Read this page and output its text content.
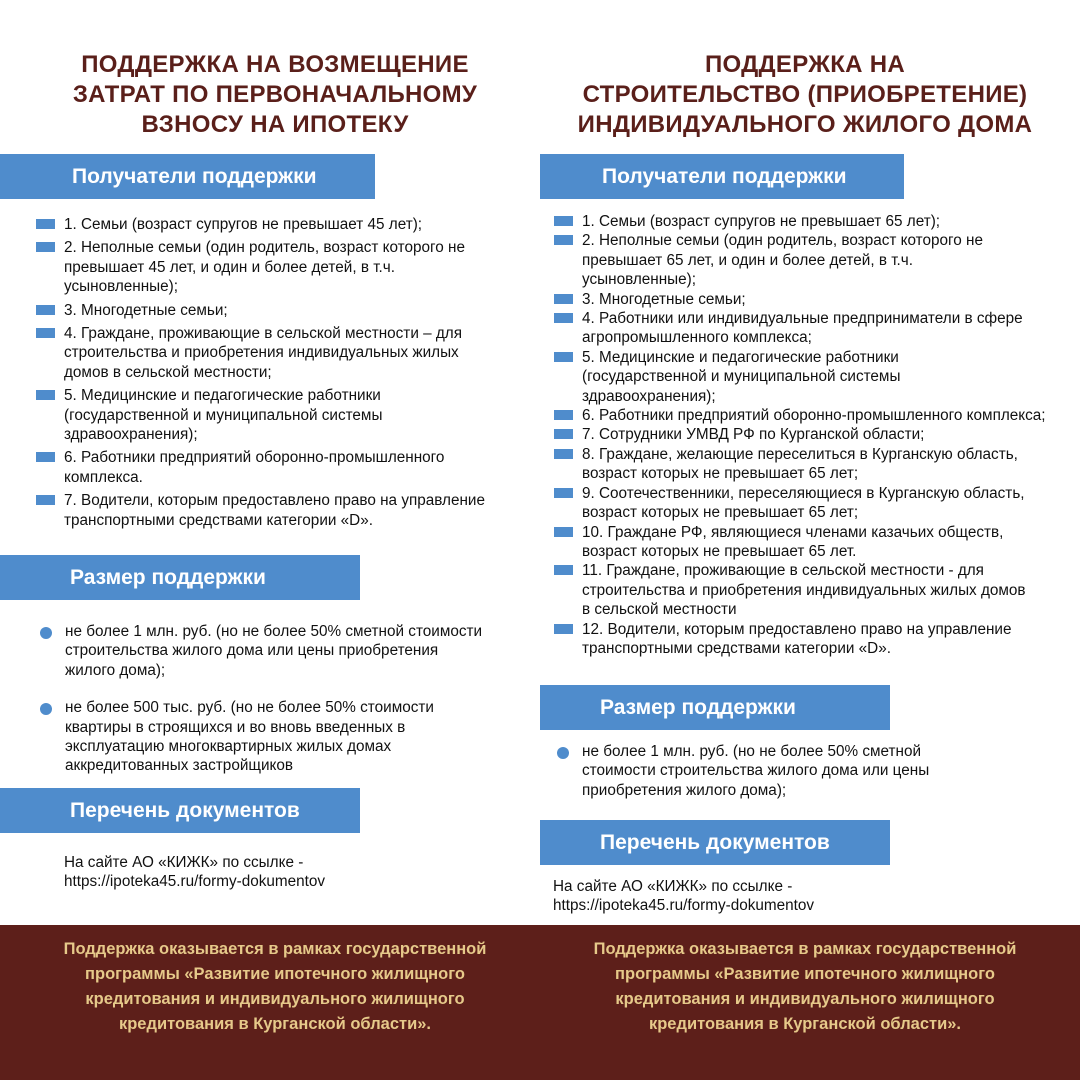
ПОДДЕРЖКА НА ВОЗМЕЩЕНИЕ
ЗАТРАТ ПО ПЕРВОНАЧАЛЬНОМУ
ВЗНОСУ НА ИПОТЕКУ
Получатели поддержки
1. Семьи (возраст супругов не превышает 45 лет);
2. Неполные семьи (один родитель, возраст которого не превышает 45 лет, и один и более детей, в т.ч. усыновленные);
3. Многодетные семьи;
4. Граждане, проживающие в сельской местности – для строительства и приобретения индивидуальных жилых домов в сельской местности;
5. Медицинские и педагогические работники (государственной и муниципальной системы здравоохранения);
6. Работники предприятий оборонно-промышленного комплекса.
7. Водители, которым предоставлено право на управление транспортными средствами категории «D».
Размер поддержки
не более 1 млн. руб. (но не более 50% сметной стоимости строительства жилого дома или цены приобретения жилого дома);
не более 500 тыс. руб. (но не более 50% стоимости квартиры в строящихся и во вновь введенных в эксплуатацию многоквартирных жилых домах аккредитованных застройщиков
Перечень документов

На сайте АО «КИЖК» по ссылке -
https://ipoteka45.ru/formy-dokumentov

ПОДДЕРЖКА НА
СТРОИТЕЛЬСТВО (ПРИОБРЕТЕНИЕ)
ИНДИВИДУАЛЬНОГО ЖИЛОГО ДОМА
Получатели поддержки
1. Семьи (возраст супругов не превышает 65 лет);
2. Неполные семьи (один родитель, возраст которого не превышает 65 лет, и один и более детей, в т.ч. усыновленные);
3. Многодетные семьи;
4. Работники или индивидуальные предприниматели в сфере агропромышленного комплекса;
5. Медицинские и педагогические работники (государственной и муниципальной системы здравоохранения);
6. Работники предприятий оборонно-промышленного комплекса;
7. Сотрудники УМВД РФ по Курганской области;
8. Граждане, желающие переселиться в Курганскую область, возраст которых не превышает 65 лет;
9. Соотечественники, переселяющиеся в Курганскую область, возраст которых не превышает 65 лет;
10. Граждане РФ, являющиеся членами казачьих обществ, возраст которых не превышает 65 лет.
11. Граждане, проживающие в сельской местности - для строительства и приобретения индивидуальных жилых домов в сельской местности
12. Водители, которым предоставлено право на управление транспортными средствами категории «D».
Размер поддержки
не более 1 млн. руб. (но не более 50% сметной стоимости строительства жилого дома или цены приобретения жилого дома);
Перечень документов

На сайте АО «КИЖК» по ссылке -
https://ipoteka45.ru/formy-dokumentov

Поддержка оказывается в рамках государственной
программы «Развитие ипотечного жилищного
кредитования и индивидуального жилищного
кредитования в Курганской области».

Поддержка оказывается в рамках государственной
программы «Развитие ипотечного жилищного
кредитования и индивидуального жилищного
кредитования в Курганской области».
